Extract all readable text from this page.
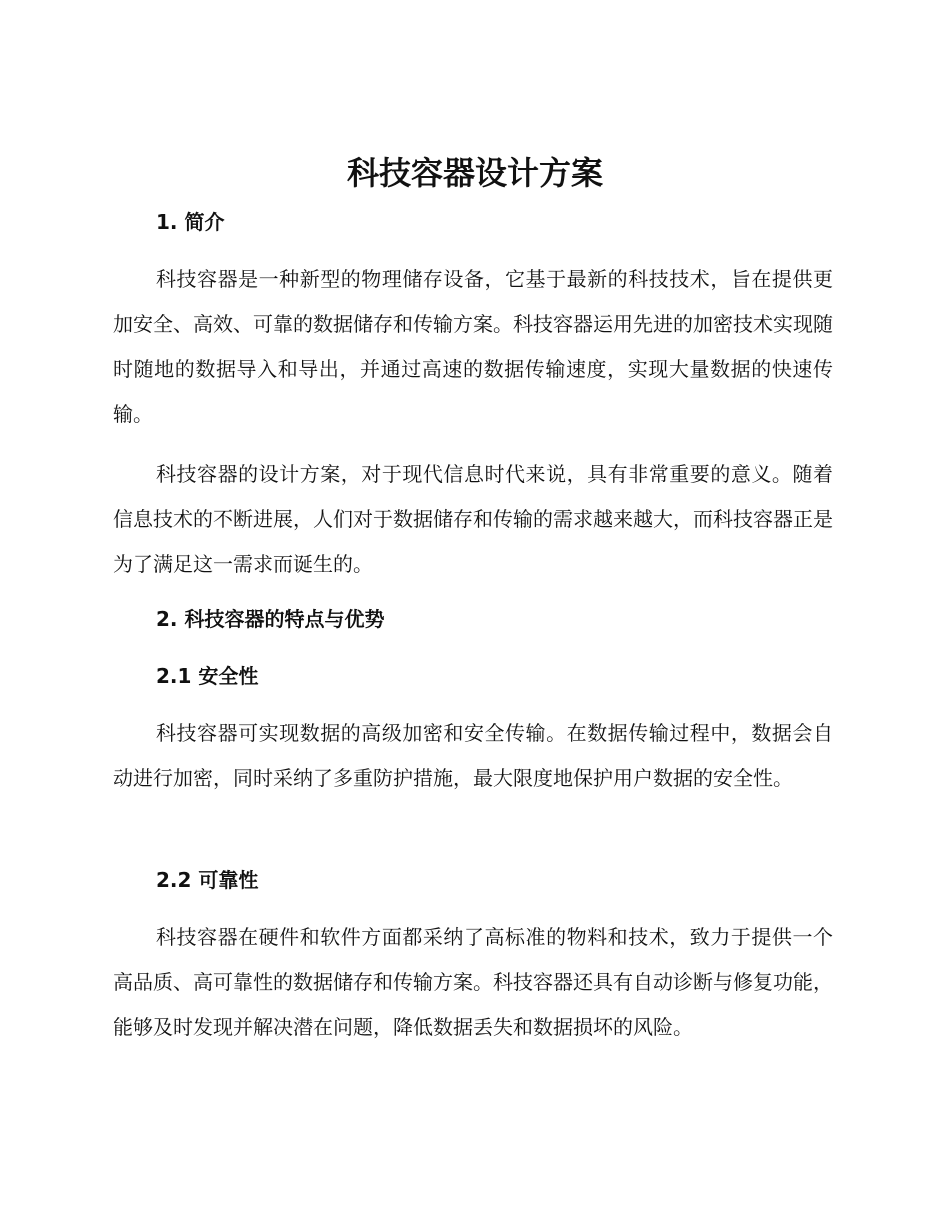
科技容器设计方案
1. 简介

科技容器是一种新型的物理储存设备，它基于最新的科技技术，旨在提供更加安全、高效、可靠的数据储存和传输方案。科技容器运用先进的加密技术实现随时随地的数据导入和导出，并通过高速的数据传输速度，实现大量数据的快速传输。

科技容器的设计方案，对于现代信息时代来说，具有非常重要的意义。随着信息技术的不断进展，人们对于数据储存和传输的需求越来越大，而科技容器正是为了满足这一需求而诞生的。

2. 科技容器的特点与优势
2.1 安全性

科技容器可实现数据的高级加密和安全传输。在数据传输过程中，数据会自动进行加密，同时采纳了多重防护措施，最大限度地保护用户数据的安全性。

2.2 可靠性

科技容器在硬件和软件方面都采纳了高标准的物料和技术，致力于提供一个高品质、高可靠性的数据储存和传输方案。科技容器还具有自动诊断与修复功能，能够及时发现并解决潜在问题，降低数据丢失和数据损坏的风险。
